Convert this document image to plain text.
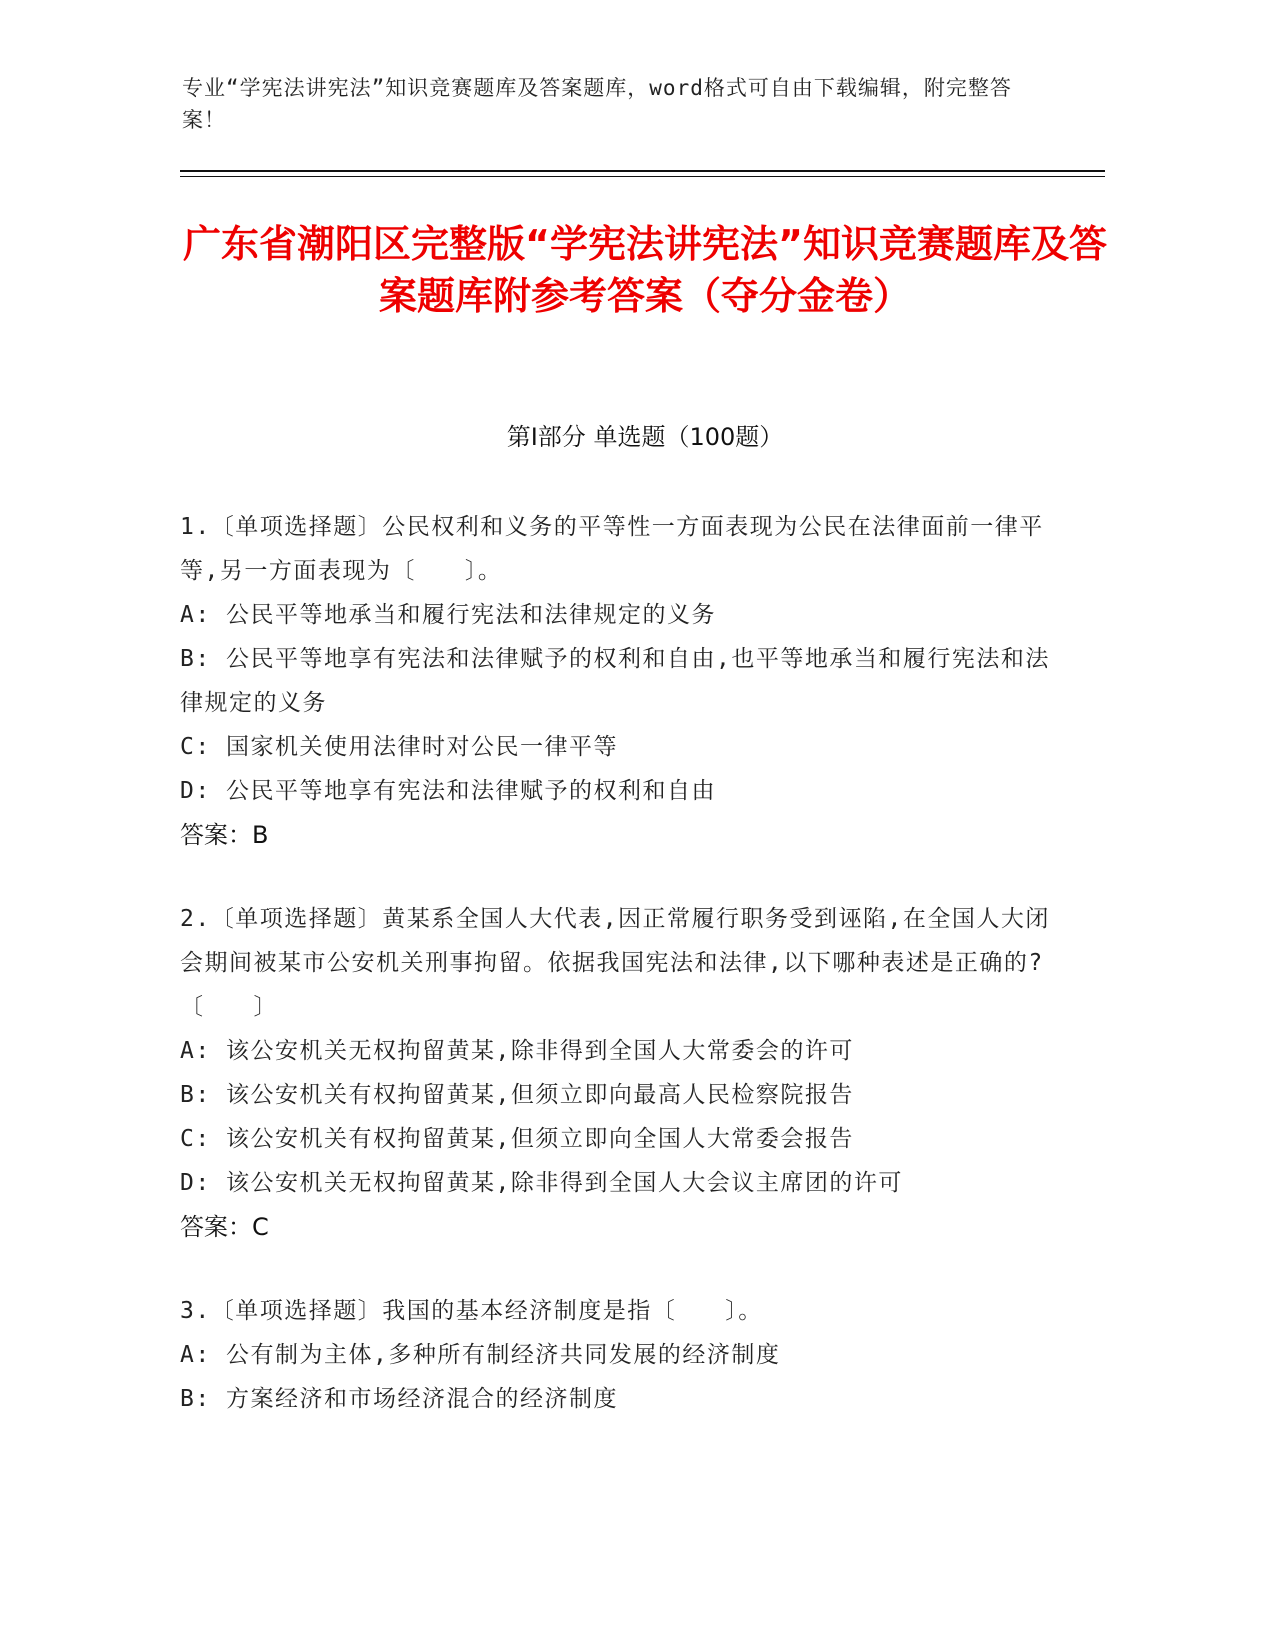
专业“学宪法讲宪法”知识竞赛题库及答案题库，word格式可自由下载编辑，附完整答案！
广东省潮阳区完整版“学宪法讲宪法”知识竞赛题库及答案题库附参考答案（夺分金卷）
第Ⅰ部分 单选题（100题）
1.〔单项选择题〕公民权利和义务的平等性一方面表现为公民在法律面前一律平等,另一方面表现为〔　　〕。
A: 公民平等地承当和履行宪法和法律规定的义务
B: 公民平等地享有宪法和法律赋予的权利和自由,也平等地承当和履行宪法和法律规定的义务
C: 国家机关使用法律时对公民一律平等
D: 公民平等地享有宪法和法律赋予的权利和自由
答案：B
2.〔单项选择题〕黄某系全国人大代表,因正常履行职务受到诬陷,在全国人大闭会期间被某市公安机关刑事拘留。依据我国宪法和法律,以下哪种表述是正确的?〔　　〕
A: 该公安机关无权拘留黄某,除非得到全国人大常委会的许可
B: 该公安机关有权拘留黄某,但须立即向最高人民检察院报告
C: 该公安机关有权拘留黄某,但须立即向全国人大常委会报告
D: 该公安机关无权拘留黄某,除非得到全国人大会议主席团的许可
答案：C
3.〔单项选择题〕我国的基本经济制度是指〔　　〕。
A: 公有制为主体,多种所有制经济共同发展的经济制度
B: 方案经济和市场经济混合的经济制度
